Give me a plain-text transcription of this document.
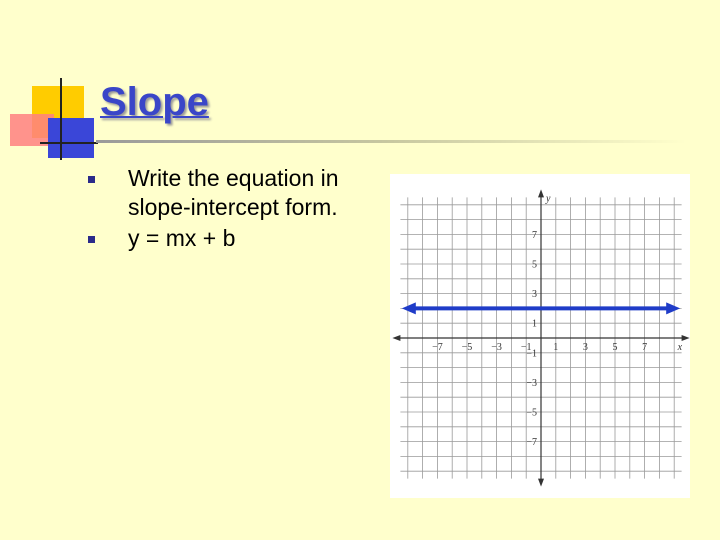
Slope
Write the equation in slope-intercept form.
y = mx + b
x
y
−7 −5 −3 −1 1 3 5 7
7
5
3
1
−1
−3
−5
−7
